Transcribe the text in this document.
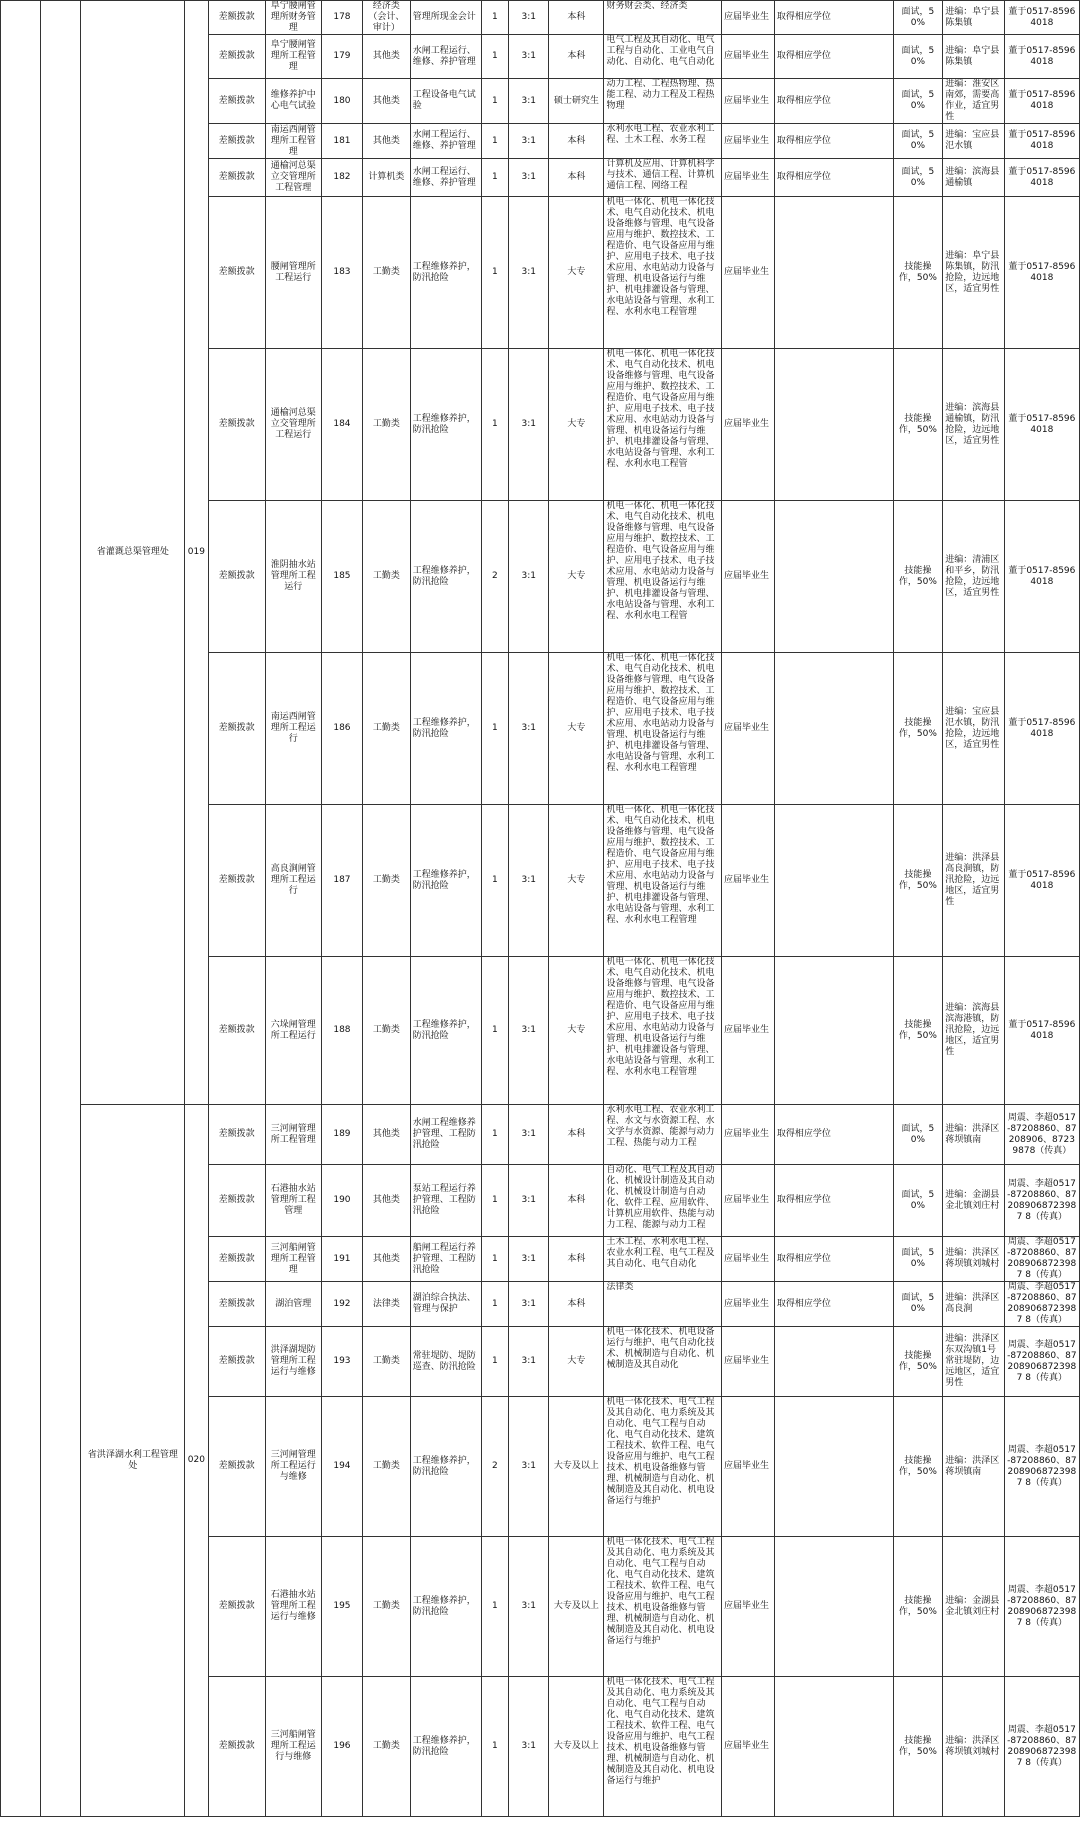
		省灌溉总渠管理处	019	差额拨款	阜宁腰闸管理所财务管理	178	经济类（会计、审计）	管理所现金会计	1	3:1	本科	财务财会类、经济类	应届毕业生	取得相应学位	面试，50%	进编：阜宁县陈集镇	董于0517-85964018
				差额拨款	阜宁腰闸管理所工程管理	179	其他类	水闸工程运行、维修、养护管理	1	3:1	本科	电气工程及其自动化、电气工程与自动化、工业电气自动化、自动化、电气自动化	应届毕业生	取得相应学位	面试，50%	进编：阜宁县陈集镇	董于0517-85964018
				差额拨款	维修养护中心电气试验	180	其他类	工程设备电气试验	1	3:1	硕士研究生	动力工程、工程热物理、热能工程、动力工程及工程热物理	应届毕业生	取得相应学位	面试，50%	进编：淮安区南郊，需要高作业，适宜男性	董于0517-85964018
				差额拨款	南运西闸管理所工程管理	181	其他类	水闸工程运行、维修、养护管理	1	3:1	本科	水利水电工程、农业水利工程、土木工程、水务工程	应届毕业生	取得相应学位	面试，50%	进编：宝应县氾水镇	董于0517-85964018
				差额拨款	通榆河总渠立交管理所工程管理	182	计算机类	水闸工程运行、维修、养护管理	1	3:1	本科	计算机及应用、计算机科学与技术、通信工程、计算机通信工程、网络工程	应届毕业生	取得相应学位	面试，50%	进编：滨海县通榆镇	董于0517-85964018
				差额拨款	腰闸管理所工程运行	183	工勤类	工程维修养护，防汛抢险	1	3:1	大专	机电一体化、机电一体化技术、电气自动化技术、机电设备维修与管理、电气设备应用与维护、数控技术、工程造价、电气设备应用与维护、应用电子技术、电子技术应用、水电站动力设备与管理、机电设备运行与维护、机电排灌设备与管理、水电站设备与管理、水利工程、水利水电工程管理	应届毕业生		技能操作，50%	进编：阜宁县陈集镇，防汛抢险，边远地区，适宜男性	董于0517-85964018
				差额拨款	通榆河总渠立交管理所工程运行	184	工勤类	工程维修养护，防汛抢险	1	3:1	大专	机电一体化、机电一体化技术、电气自动化技术、机电设备维修与管理、电气设备应用与维护、数控技术、工程造价、电气设备应用与维护、应用电子技术、电子技术应用、水电站动力设备与管理、机电设备运行与维护、机电排灌设备与管理、水电站设备与管理、水利工程、水利水电工程管	应届毕业生		技能操作，50%	进编：滨海县通榆镇，防汛抢险，边远地区，适宜男性	董于0517-85964018
				差额拨款	淮阴抽水站管理所工程运行	185	工勤类	工程维修养护，防汛抢险	2	3:1	大专	机电一体化、机电一体化技术、电气自动化技术、机电设备维修与管理、电气设备应用与维护、数控技术、工程造价、电气设备应用与维护、应用电子技术、电子技术应用、水电站动力设备与管理、机电设备运行与维护、机电排灌设备与管理、水电站设备与管理、水利工程、水利水电工程管	应届毕业生		技能操作，50%	进编：清浦区和平乡，防汛抢险，边远地区，适宜男性	董于0517-85964018
				差额拨款	南运西闸管理所工程运行	186	工勤类	工程维修养护，防汛抢险	1	3:1	大专	机电一体化、机电一体化技术、电气自动化技术、机电设备维修与管理、电气设备应用与维护、数控技术、工程造价、电气设备应用与维护、应用电子技术、电子技术应用、水电站动力设备与管理、机电设备运行与维护、机电排灌设备与管理、水电站设备与管理、水利工程、水利水电工程管理	应届毕业生		技能操作，50%	进编：宝应县氾水镇，防汛抢险，边远地区，适宜男性	董于0517-85964018
				差额拨款	高良涧闸管理所工程运行	187	工勤类	工程维修养护，防汛抢险	1	3:1	大专	机电一体化、机电一体化技术、电气自动化技术、机电设备维修与管理、电气设备应用与维护、数控技术、工程造价、电气设备应用与维护、应用电子技术、电子技术应用、水电站动力设备与管理、机电设备运行与维护、机电排灌设备与管理、水电站设备与管理、水利工程、水利水电工程管理	应届毕业生		技能操作，50%	进编：洪泽县高良涧镇，防汛抢险，边远地区，适宜男性	董于0517-85964018
				差额拨款	六垛闸管理所工程运行	188	工勤类	工程维修养护，防汛抢险	1	3:1	大专	机电一体化、机电一体化技术、电气自动化技术、机电设备维修与管理、电气设备应用与维护、数控技术、工程造价、电气设备应用与维护、应用电子技术、电子技术应用、水电站动力设备与管理、机电设备运行与维护、机电排灌设备与管理、水电站设备与管理、水利工程、水利水电工程管理	应届毕业生		技能操作，50%	进编：滨海县滨海港镇，防汛抢险，边远地区，适宜男性	董于0517-85964018
		省洪泽湖水利工程管理处	020	差额拨款	三河闸管理所工程管理	189	其他类	水闸工程维修养护管理、工程防汛抢险	1	3:1	本科	水利水电工程、农业水利工程、水文与水资源工程、水文学与水资源、能源与动力工程、热能与动力工程	应届毕业生	取得相应学位	面试，50%	进编：洪泽区蒋坝镇南	周震、李超0517-87208860、87208906、87239878（传真）
				差额拨款	石港抽水站管理所工程管理	190	其他类	泵站工程运行养护管理、工程防汛抢险	1	3:1	本科	自动化、电气工程及其自动化、机械设计制造及其自动化、机械设计制造与自动化、软件工程、应用软件、计算机应用软件、热能与动力工程、能源与动力工程	应届毕业生	取得相应学位	面试，50%	进编：金湖县金北镇刘庄村	周震、李超0517-87208860、872089068723987 8（传真）
				差额拨款	三河船闸管理所工程管理	191	其他类	船闸工程运行养护管理、工程防汛抢险	1	3:1	本科	土木工程、水利水电工程、农业水利工程、电气工程及其自动化、电气自动化	应届毕业生	取得相应学位	面试，50%	进编：洪泽区蒋坝镇刘城村	周震、李超0517-87208860、872089068723987 8（传真）
				差额拨款	湖泊管理	192	法律类	湖泊综合执法、管理与保护	1	3:1	本科	法律类	应届毕业生	取得相应学位	面试，50%	进编：洪泽区高良涧	周震、李超0517-87208860、872089068723987 8（传真）
				差额拨款	洪泽湖堤防管理所工程运行与维修	193	工勤类	常驻堤防、堤防巡查、防汛抢险	1	3:1	大专	机电一体化技术、机电设备运行与维护、电气自动化技术、机械制造与自动化、机械制造及其自动化	应届毕业生		技能操作，50%	进编：洪泽区东双沟镇1号常驻堤防，边远地区，适宜男性	周震、李超0517-87208860、872089068723987 8（传真）
				差额拨款	三河闸管理所工程运行与维修	194	工勤类	工程维修养护，防汛抢险	2	3:1	大专及以上	机电一体化技术、电气工程及其自动化、电力系统及其自动化、电气工程与自动化、电气自动化技术、建筑工程技术、软件工程、电气设备应用与维护、电气工程技术、机电设备维修与管理、机械制造与自动化、机械制造及其自动化、机电设备运行与维护	应届毕业生		技能操作，50%	进编：洪泽区蒋坝镇南	周震、李超0517-87208860、872089068723987 8（传真）
				差额拨款	石港抽水站管理所工程运行与维修	195	工勤类	工程维修养护，防汛抢险	1	3:1	大专及以上	机电一体化技术、电气工程及其自动化、电力系统及其自动化、电气工程与自动化、电气自动化技术、建筑工程技术、软件工程、电气设备应用与维护、电气工程技术、机电设备维修与管理、机械制造与自动化、机械制造及其自动化、机电设备运行与维护	应届毕业生		技能操作，50%	进编：金湖县金北镇刘庄村	周震、李超0517-87208860、872089068723987 8（传真）
				差额拨款	三河船闸管理所工程运行与维修	196	工勤类	工程维修养护，防汛抢险	1	3:1	大专及以上	机电一体化技术、电气工程及其自动化、电力系统及其自动化、电气工程与自动化、电气自动化技术、建筑工程技术、软件工程、电气设备应用与维护、电气工程技术、机电设备维修与管理、机械制造与自动化、机械制造及其自动化、机电设备运行与维护	应届毕业生		技能操作，50%	进编：洪泽区蒋坝镇刘城村	周震、李超0517-87208860、872089068723987 8（传真）
